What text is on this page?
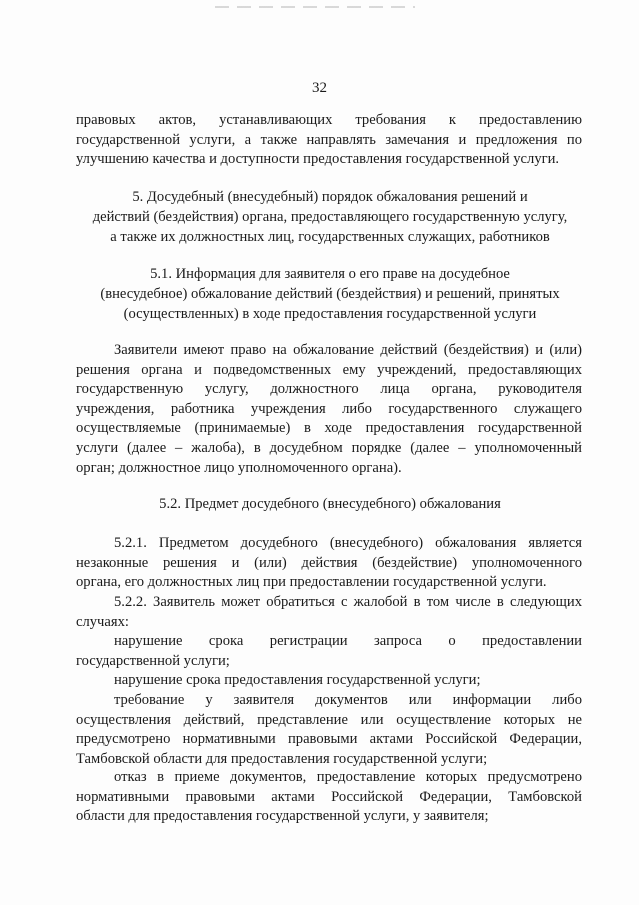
32
правовых актов, устанавливающих требования к предоставлению
государственной услуги, а также направлять замечания и предложения по
улучшению качества и доступности предоставления государственной услуги.
5. Досудебный (внесудебный) порядок обжалования решений и
действий (бездействия) органа, предоставляющего государственную услугу,
а также их должностных лиц, государственных служащих, работников
5.1. Информация для заявителя о его праве на досудебное
(внесудебное) обжалование действий (бездействия) и решений, принятых
(осуществленных) в ходе предоставления государственной услуги
Заявители имеют право на обжалование действий (бездействия) и (или)
решения органа и подведомственных ему учреждений, предоставляющих
государственную услугу, должностного лица органа, руководителя
учреждения, работника учреждения либо государственного служащего
осуществляемые (принимаемые) в ходе предоставления государственной
услуги (далее – жалоба), в досудебном порядке (далее – уполномоченный
орган; должностное лицо уполномоченного органа).
5.2. Предмет досудебного (внесудебного) обжалования
5.2.1. Предметом досудебного (внесудебного) обжалования является
незаконные решения и (или) действия (бездействие) уполномоченного
органа, его должностных лиц при предоставлении государственной услуги.
5.2.2. Заявитель может обратиться с жалобой в том числе в следующих
случаях:
нарушение срока регистрации запроса о предоставлении
государственной услуги;
нарушение срока предоставления государственной услуги;
требование у заявителя документов или информации либо
осуществления действий, представление или осуществление которых не
предусмотрено нормативными правовыми актами Российской Федерации,
Тамбовской области для предоставления государственной услуги;
отказ в приеме документов, предоставление которых предусмотрено
нормативными правовыми актами Российской Федерации, Тамбовской
области для предоставления государственной услуги, у заявителя;
